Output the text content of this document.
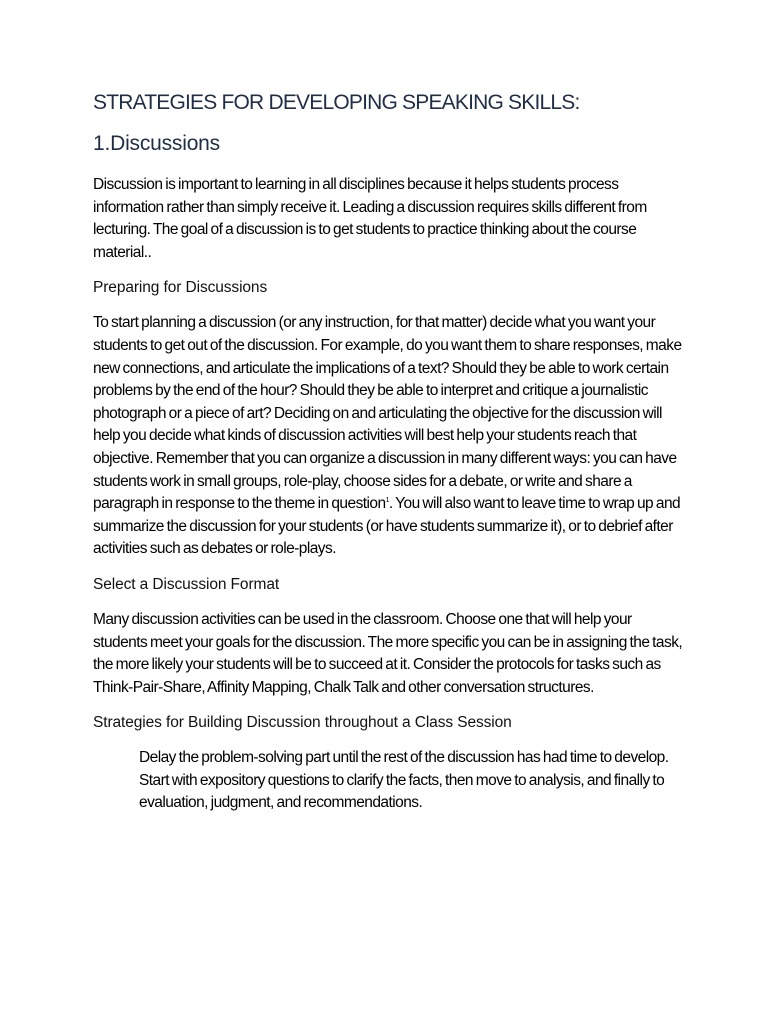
STRATEGIES FOR DEVELOPING SPEAKING SKILLS:
1.Discussions

Discussion is important to learning in all disciplines because it helps students process information rather than simply receive it. Leading a discussion requires skills different from lecturing. The goal of a discussion is to get students to practice thinking about the course material..

Preparing for Discussions

To start planning a discussion (or any instruction, for that matter) decide what you want your students to get out of the discussion. For example, do you want them to share responses, make new connections, and articulate the implications of a text? Should they be able to work certain problems by the end of the hour? Should they be able to interpret and critique a journalistic photograph or a piece of art? Deciding on and articulating the objective for the discussion will help you decide what kinds of discussion activities will best help your students reach that objective. Remember that you can organize a discussion in many different ways: you can have students work in small groups, role-play, choose sides for a debate, or write and share a paragraph in response to the theme in question$^1$. You will also want to leave time to wrap up and summarize the discussion for your students (or have students summarize it), or to debrief after activities such as debates or role-plays.

Select a Discussion Format

Many discussion activities can be used in the classroom. Choose one that will help your students meet your goals for the discussion. The more specific you can be in assigning the task, the more likely your students will be to succeed at it. Consider the protocols for tasks such as Think-Pair-Share, Affinity Mapping, Chalk Talk and other conversation structures.

Strategies for Building Discussion throughout a Class Session

Delay the problem-solving part until the rest of the discussion has had time to develop. Start with expository questions to clarify the facts, then move to analysis, and finally to evaluation, judgment, and recommendations.
